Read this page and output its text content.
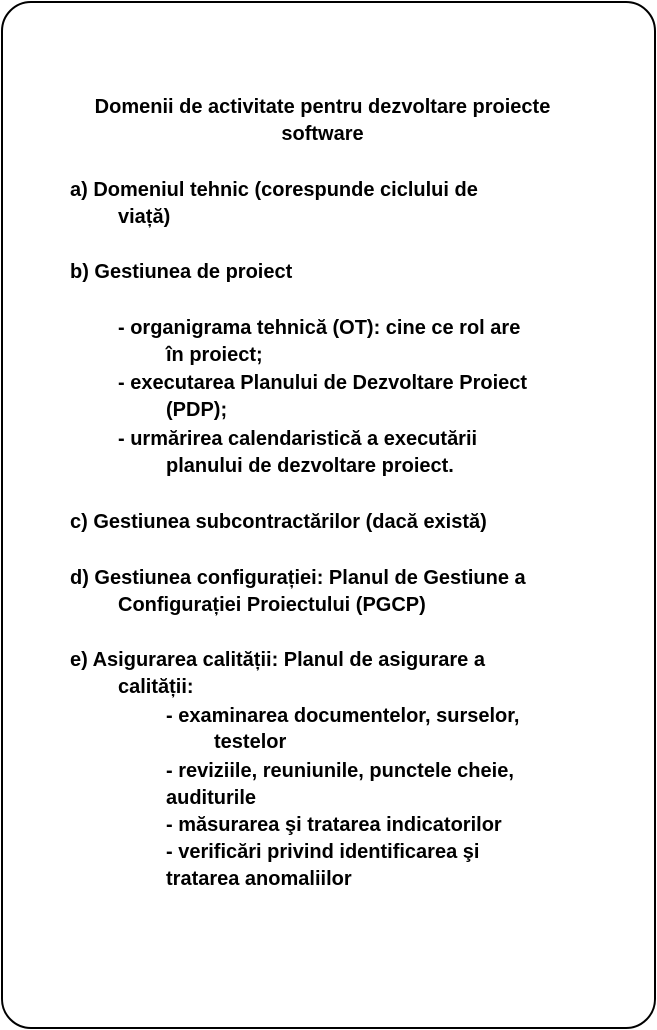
Domenii de activitate pentru dezvoltare proiecte

software

a) Domeniul tehnic (corespunde ciclului de

viață)

b) Gestiunea de proiect

- organigrama tehnică (OT): cine ce rol are

în proiect;

- executarea Planului de Dezvoltare Proiect

(PDP);

- urmărirea calendaristică a executării

planului de dezvoltare proiect.

c) Gestiunea subcontractărilor (dacă există)

d) Gestiunea configurației: Planul de Gestiune a

Configurației Proiectului (PGCP)

e) Asigurarea calității: Planul de asigurare a

calității:

- examinarea documentelor, surselor,

testelor

- reviziile, reuniunile, punctele cheie,

auditurile

- măsurarea şi tratarea indicatorilor

- verificări privind identificarea şi

tratarea anomaliilor
